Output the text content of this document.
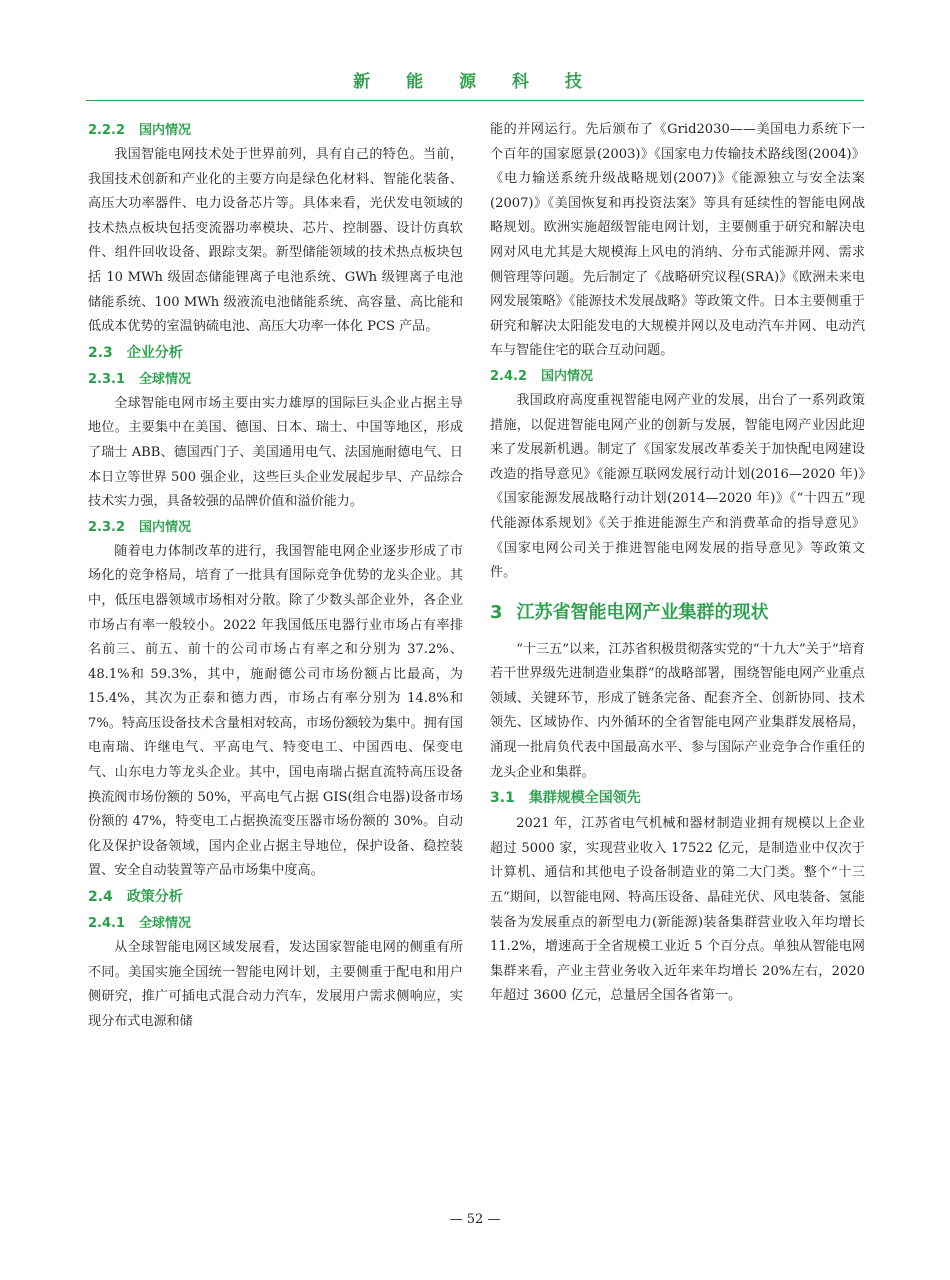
新 能 源 科 技
2.2.2 国内情况

我国智能电网技术处于世界前列，具有自己的特色。当前，我国技术创新和产业化的主要方向是绿色化材料、智能化装备、高压大功率器件、电力设备芯片等。具体来看，光伏发电领域的技术热点板块包括变流器功率模块、芯片、控制器、设计仿真软件、组件回收设备、跟踪支架。新型储能领域的技术热点板块包括 10 MWh 级固态储能锂离子电池系统、GWh 级锂离子电池储能系统、100 MWh 级液流电池储能系统、高容量、高比能和低成本优势的室温钠硫电池、高压大功率一体化 PCS 产品。

2.3 企业分析
2.3.1 全球情况

全球智能电网市场主要由实力雄厚的国际巨头企业占据主导地位。主要集中在美国、德国、日本、瑞士、中国等地区，形成了瑞士 ABB、德国西门子、美国通用电气、法国施耐德电气、日本日立等世界 500 强企业，这些巨头企业发展起步早、产品综合技术实力强，具备较强的品牌价值和溢价能力。

2.3.2 国内情况

随着电力体制改革的进行，我国智能电网企业逐步形成了市场化的竞争格局，培育了一批具有国际竞争优势的龙头企业。其中，低压电器领域市场相对分散。除了少数头部企业外，各企业市场占有率一般较小。2022 年我国低压电器行业市场占有率排名前三、前五、前十的公司市场占有率之和分别为 37.2%、48.1%和 59.3%，其中，施耐德公司市场份额占比最高，为 15.4%，其次为正泰和德力西，市场占有率分别为 14.8%和 7%。特高压设备技术含量相对较高，市场份额较为集中。拥有国电南瑞、许继电气、平高电气、特变电工、中国西电、保变电气、山东电力等龙头企业。其中，国电南瑞占据直流特高压设备换流阀市场份额的 50%，平高电气占据 GIS(组合电器)设备市场份额的 47%，特变电工占据换流变压器市场份额的 30%。自动化及保护设备领域，国内企业占据主导地位，保护设备、稳控装置、安全自动装置等产品市场集中度高。

2.4 政策分析
2.4.1 全球情况

从全球智能电网区域发展看，发达国家智能电网的侧重有所不同。美国实施全国统一智能电网计划，主要侧重于配电和用户侧研究，推广可插电式混合动力汽车，发展用户需求侧响应，实现分布式电源和储

能的并网运行。先后颁布了《Grid2030——美国电力系统下一个百年的国家愿景(2003)》《国家电力传输技术路线图(2004)》《电力输送系统升级战略规划(2007)》《能源独立与安全法案(2007)》《美国恢复和再投资法案》等具有延续性的智能电网战略规划。欧洲实施超级智能电网计划，主要侧重于研究和解决电网对风电尤其是大规模海上风电的消纳、分布式能源并网、需求侧管理等问题。先后制定了《战略研究议程(SRA)》《欧洲未来电网发展策略》《能源技术发展战略》等政策文件。日本主要侧重于研究和解决太阳能发电的大规模并网以及电动汽车并网、电动汽车与智能住宅的联合互动问题。

2.4.2 国内情况

我国政府高度重视智能电网产业的发展，出台了一系列政策措施，以促进智能电网产业的创新与发展，智能电网产业因此迎来了发展新机遇。制定了《国家发展改革委关于加快配电网建设改造的指导意见》《能源互联网发展行动计划(2016—2020 年)》《国家能源发展战略行动计划(2014—2020 年)》《“十四五”现代能源体系规划》《关于推进能源生产和消费革命的指导意见》《国家电网公司关于推进智能电网发展的指导意见》等政策文件。

3 江苏省智能电网产业集群的现状

“十三五”以来，江苏省积极贯彻落实党的“十九大”关于“培育若干世界级先进制造业集群”的战略部署，围绕智能电网产业重点领域、关键环节，形成了链条完备、配套齐全、创新协同、技术领先、区域协作、内外循环的全省智能电网产业集群发展格局，涌现一批肩负代表中国最高水平、参与国际产业竞争合作重任的龙头企业和集群。

3.1 集群规模全国领先

2021 年，江苏省电气机械和器材制造业拥有规模以上企业超过 5000 家，实现营业收入 17522 亿元，是制造业中仅次于计算机、通信和其他电子设备制造业的第二大门类。整个“十三五”期间，以智能电网、特高压设备、晶硅光伏、风电装备、氢能装备为发展重点的新型电力(新能源)装备集群营业收入年均增长 11.2%，增速高于全省规模工业近 5 个百分点。单独从智能电网集群来看，产业主营业务收入近年来年均增长 20%左右，2020 年超过 3600 亿元，总量居全国各省第一。

— 52 —
